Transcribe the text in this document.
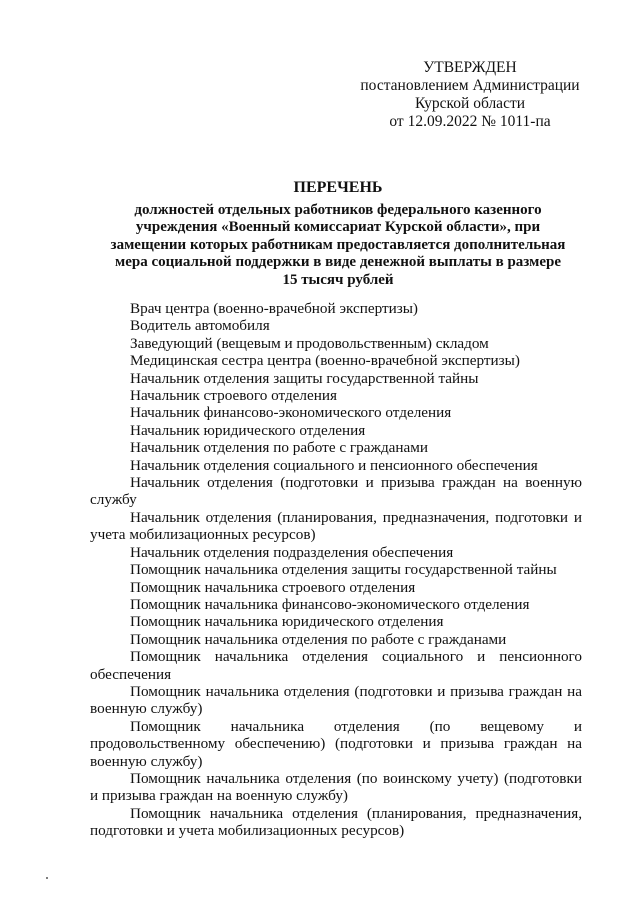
УТВЕРЖДЕН
постановлением Администрации
Курской области
от 12.09.2022 № 1011-па
ПЕРЕЧЕНЬ
должностей отдельных работников федерального казенного
учреждения «Военный комиссариат Курской области», при
замещении которых работникам предоставляется дополнительная
мера социальной поддержки в виде денежной выплаты в размере
15 тысяч рублей

Врач центра (военно-врачебной экспертизы)

Водитель автомобиля

Заведующий (вещевым и продовольственным) складом

Медицинская сестра центра (военно-врачебной экспертизы)

Начальник отделения защиты государственной тайны

Начальник строевого отделения

Начальник финансово-экономического отделения

Начальник юридического отделения

Начальник отделения по работе с гражданами

Начальник отделения социального и пенсионного обеспечения

Начальник отделения (подготовки и призыва граждан на военную службу

Начальник отделения (планирования, предназначения, подготовки и учета мобилизационных ресурсов)

Начальник отделения подразделения обеспечения

Помощник начальника отделения защиты государственной тайны

Помощник начальника строевого отделения

Помощник начальника финансово-экономического отделения

Помощник начальника юридического отделения

Помощник начальника отделения по работе с гражданами

Помощник начальника отделения социального и пенсионного обеспечения

Помощник начальника отделения (подготовки и призыва граждан на военную службу)

Помощник начальника отделения (по вещевому и продовольственному обеспечению) (подготовки и призыва граждан на военную службу)

Помощник начальника отделения (по воинскому учету) (подготовки и призыва граждан на военную службу)

Помощник начальника отделения (планирования, предназначения, подготовки и учета мобилизационных ресурсов)
